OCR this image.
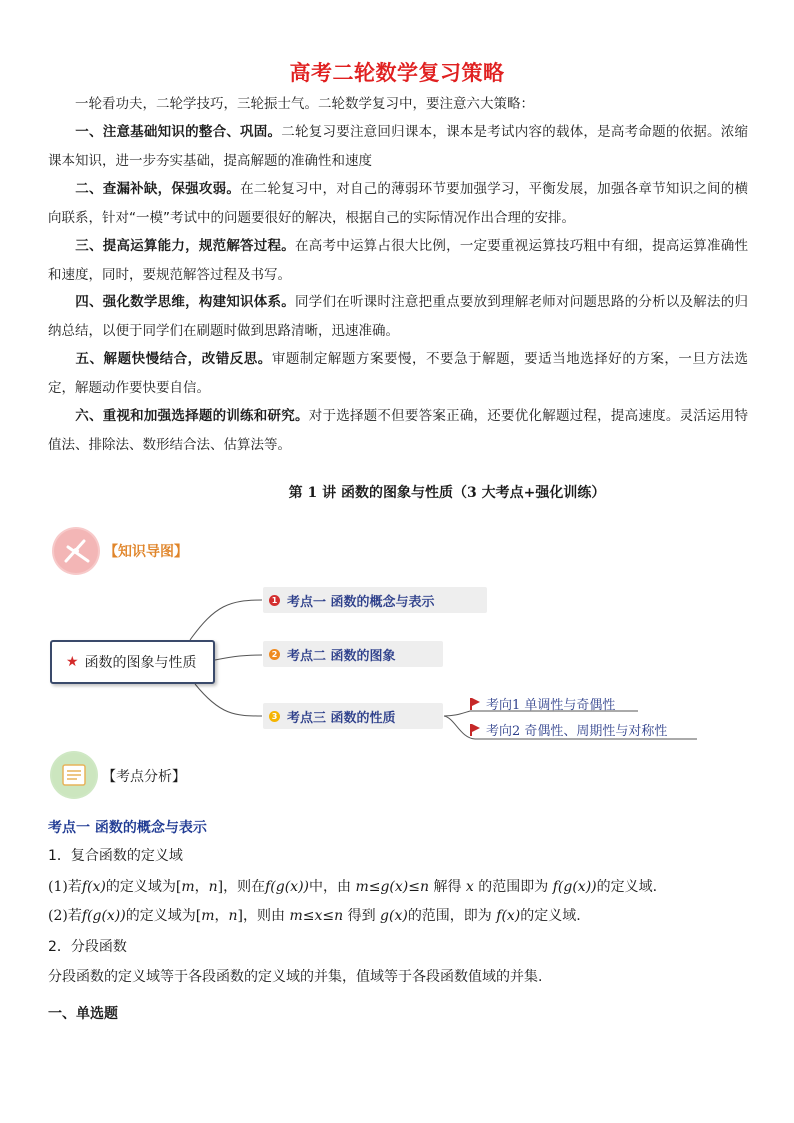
高考二轮数学复习策略
一轮看功夫，二轮学技巧，三轮振士气。二轮数学复习中，要注意六大策略：
一、注意基础知识的整合、巩固。二轮复习要注意回归课本，课本是考试内容的载体，是高考命题的依据。浓缩课本知识，进一步夯实基础，提高解题的准确性和速度
二、查漏补缺，保强攻弱。在二轮复习中，对自己的薄弱环节要加强学习，平衡发展，加强各章节知识之间的横向联系，针对“一模”考试中的问题要很好的解决，根据自己的实际情况作出合理的安排。
三、提高运算能力，规范解答过程。在高考中运算占很大比例，一定要重视运算技巧粗中有细，提高运算准确性和速度，同时，要规范解答过程及书写。
四、强化数学思维，构建知识体系。同学们在听课时注意把重点要放到理解老师对问题思路的分析以及解法的归纳总结，以便于同学们在刷题时做到思路清晰，迅速准确。
五、解题快慢结合，改错反思。审题制定解题方案要慢，不要急于解题，要适当地选择好的方案，一旦方法选定，解题动作要快要自信。
六、重视和加强选择题的训练和研究。对于选择题不但要答案正确，还要优化解题过程，提高速度。灵活运用特值法、排除法、数形结合法、估算法等。
第 1 讲 函数的图象与性质（3 大考点+强化训练）
【知识导图】
★ 函数的图象与性质
1 考点一 函数的概念与表示
2 考点二 函数的图象
3 考点三 函数的性质
考向1 单调性与奇偶性
考向2 奇偶性、周期性与对称性
【考点分析】
考点一 函数的概念与表示
1．复合函数的定义域
(1)若f(x)的定义域为[m，n]，则在f(g(x))中，由 m≤g(x)≤n 解得 x 的范围即为 f(g(x))的定义域.
(2)若f(g(x))的定义域为[m，n]，则由 m≤x≤n 得到 g(x)的范围，即为 f(x)的定义域.
2．分段函数
分段函数的定义域等于各段函数的定义域的并集，值域等于各段函数值域的并集.
一、单选题
